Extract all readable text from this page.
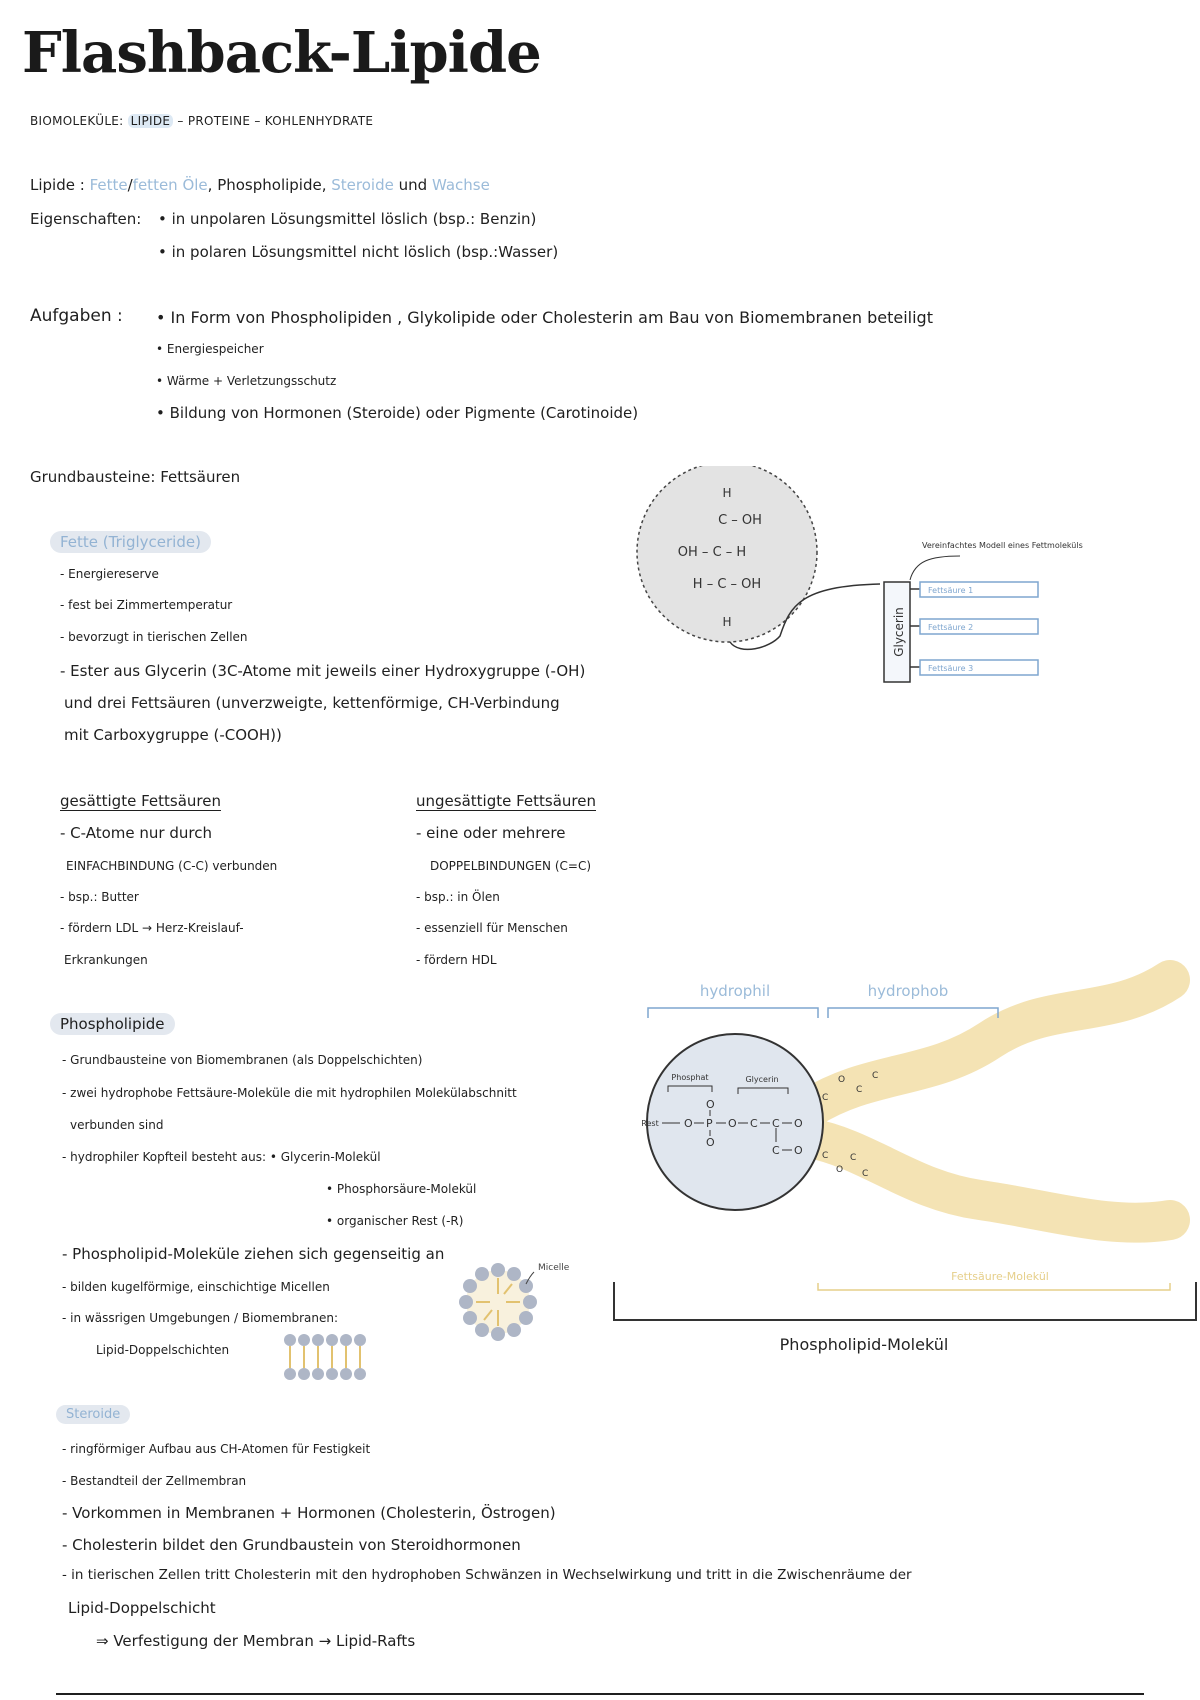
Flashback-Lipide
BIOMOLEKÜLE: LIPIDE – PROTEINE – KOHLENHYDRATE
Lipide : Fette/fetten Öle, Phospholipide, Steroide und Wachse
Eigenschaften: • in unpolaren Lösungsmittel löslich (bsp.: Benzin)
• in polaren Lösungsmittel nicht löslich (bsp.:Wasser)
Aufgaben : • In Form von Phospholipiden , Glykolipide oder Cholesterin am Bau von Biomembranen beteiligt
• Energiespeicher
• Wärme + Verletzungsschutz
• Bildung von Hormonen (Steroide) oder Pigmente (Carotinoide)
Grundbausteine: Fettsäuren
Fette (Triglyceride)
- Energiereserve
- fest bei Zimmertemperatur
- bevorzugt in tierischen Zellen
- Ester aus Glycerin (3C-Atome mit jeweils einer Hydroxygruppe (-OH)
und drei Fettsäuren (unverzweigte, kettenförmige, CH-Verbindung
mit Carboxygruppe (-COOH))
H
C – OH
OH – C – H
H – C – OH
H	Glycerin
Fettsäure 1
Fettsäure 2
Fettsäure 3
Vereinfachtes Modell eines Fettmoleküls
gesättigte Fettsäuren
- C-Atome nur durch
EINFACHBINDUNG (C-C) verbunden
- bsp.: Butter
- fördern LDL → Herz-Kreislauf-
Erkrankungen
ungesättigte Fettsäuren
- eine oder mehrere
DOPPELBINDUNGEN (C=C)
- bsp.: in Ölen
- essenziell für Menschen
- fördern HDL
Phospholipide
- Grundbausteine von Biomembranen (als Doppelschichten)
- zwei hydrophobe Fettsäure-Moleküle die mit hydrophilen Molekülabschnitt
verbunden sind
- hydrophiler Kopfteil besteht aus: • Glycerin-Molekül
• Phosphorsäure-Molekül
• organischer Rest (-R)
- Phospholipid-Moleküle ziehen sich gegenseitig an
- bilden kugelförmige, einschichtige Micellen
- in wässrigen Umgebungen / Biomembranen:
Lipid-Doppelschichten
Micelle
hydrophil	hydrophob
Phosphat	Glycerin
Rest O P
O
O
O C C O
C O
C
O
C
C
C
O
C
C
Fettsäure-Molekül
Phospholipid-Molekül
Steroide
- ringförmiger Aufbau aus CH-Atomen für Festigkeit
- Bestandteil der Zellmembran
- Vorkommen in Membranen + Hormonen (Cholesterin, Östrogen)
- Cholesterin bildet den Grundbaustein von Steroidhormonen
- in tierischen Zellen tritt Cholesterin mit den hydrophoben Schwänzen in Wechselwirkung und tritt in die Zwischenräume der
Lipid-Doppelschicht
⇒ Verfestigung der Membran → Lipid-Rafts
